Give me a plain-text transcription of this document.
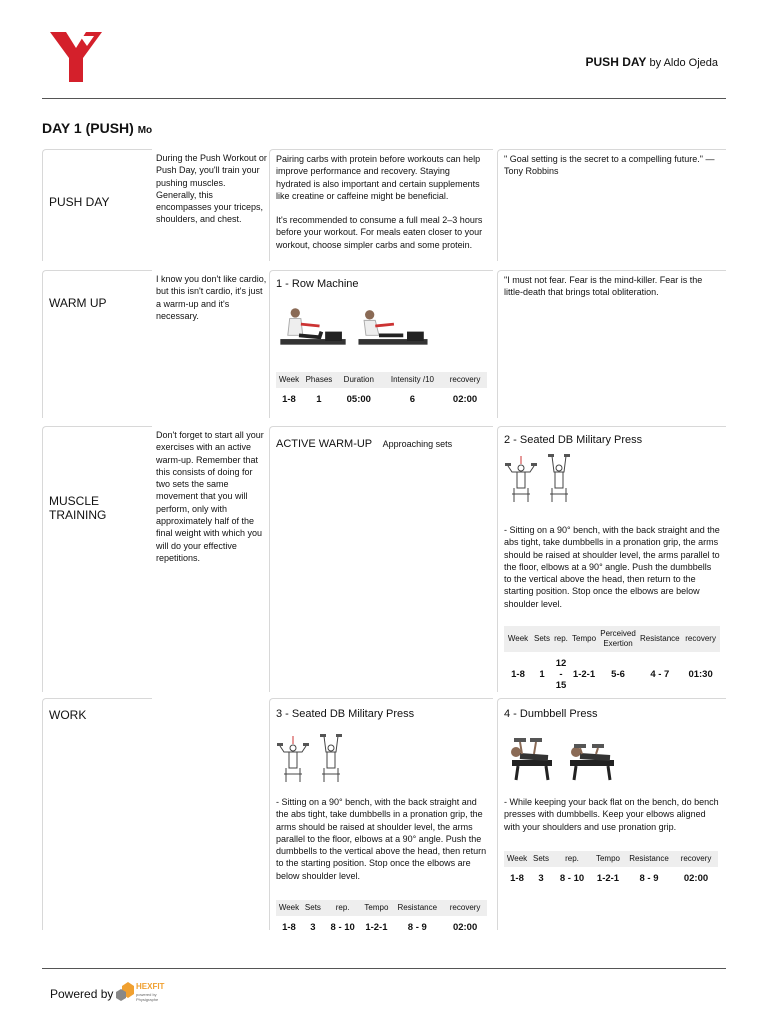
PUSH DAY by Aldo Ojeda
DAY 1 (PUSH) Mo
PUSH DAY
During the Push Workout or Push Day, you'll train your pushing muscles. Generally, this encompasses your triceps, shoulders, and chest.

Pairing carbs with protein before workouts can help improve performance and recovery. Staying hydrated is also important and certain supplements like creatine or caffeine might be beneficial.

It's recommended to consume a full meal 2–3 hours before your workout. For meals eaten closer to your workout, choose simpler carbs and some protein.

" Goal setting is the secret to a compelling future." — Tony Robbins

WARM UP
I know you don't like cardio, but this isn't cardio, it's just a warm-up and it's necessary.
1 - Row Machine
Week	Phases	Duration	Intensity /10	recovery
1-8	1	05:00	6	02:00

"I must not fear. Fear is the mind-killer. Fear is the little-death that brings total obliteration.

MUSCLE TRAINING
Don't forget to start all your exercises with an active warm-up. Remember that this consists of doing for two sets the same movement that you will perform, only with approximately half of the final weight with which you will do your effective repetitions.
ACTIVE WARM-UP Approaching sets	2 - Seated DB Military Press

- Sitting on a 90° bench, with the back straight and the abs tight, take dumbbells in a pronation grip, the arms should be raised at shoulder level, the arms parallel to the floor, elbows at a 90° angle. Push the dumbbells to the vertical above the head, then return to the starting position. Stop once the elbows are below shoulder level.

Week	Sets	rep.	Tempo	Perceived Exertion	Resistance	recovery
1-8	1	12 - 15	1-2-1	5-6	4 - 7	01:30
WORK	3 - Seated DB Military Press

- Sitting on a 90° bench, with the back straight and the abs tight, take dumbbells in a pronation grip, the arms should be raised at shoulder level, the arms parallel to the floor, elbows at a 90° angle. Push the dumbbells to the vertical above the head, then return to the starting position. Stop once the elbows are below shoulder level.

Week	Sets	rep.	Tempo	Resistance	recovery
1-8	3	8 - 10	1-2-1	8 - 9	02:00
4 - Dumbbell Press

- While keeping your back flat on the bench, do bench presses with dumbbells. Keep your elbows aligned with your shoulders and use pronation grip.

Week	Sets	rep.	Tempo	Resistance	recovery
1-8	3	8 - 10	1-2-1	8 - 9	02:00
Powered by
HEXFIT
powered by Physigraphe
